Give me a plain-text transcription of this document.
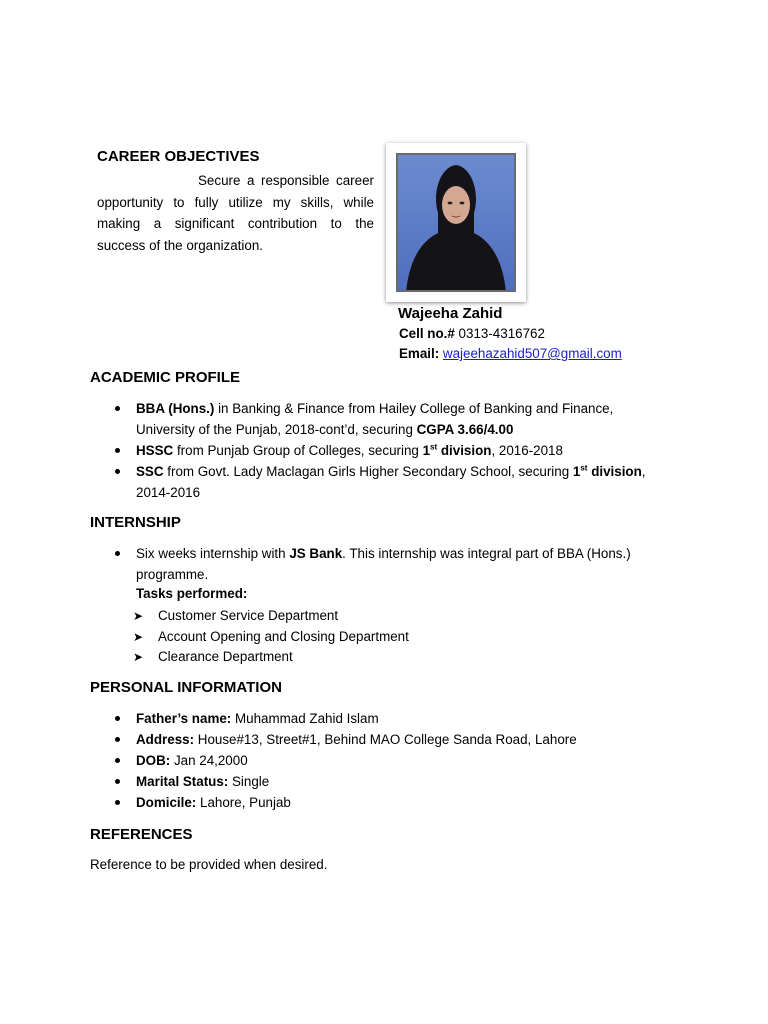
CAREER OBJECTIVES
Secure a responsible career opportunity to fully utilize my skills, while making a significant contribution to the success of the organization.
Wajeeha Zahid
Cell no.# 0313-4316762
Email: wajeehazahid507@gmail.com
ACADEMIC PROFILE
BBA (Hons.) in Banking & Finance from Hailey College of Banking and Finance, University of the Punjab, 2018-cont’d, securing CGPA 3.66/4.00
HSSC from Punjab Group of Colleges, securing 1st division, 2016-2018
SSC from Govt. Lady Maclagan Girls Higher Secondary School, securing 1st division, 2014-2016
INTERNSHIP
Six weeks internship with JS Bank. This internship was integral part of BBA (Hons.) programme.
Tasks performed:
➤ Customer Service Department
➤ Account Opening and Closing Department
➤ Clearance Department
PERSONAL INFORMATION
Father’s name: Muhammad Zahid Islam
Address: House#13, Street#1, Behind MAO College Sanda Road, Lahore
DOB: Jan 24,2000
Marital Status: Single
Domicile: Lahore, Punjab
REFERENCES
Reference to be provided when desired.
